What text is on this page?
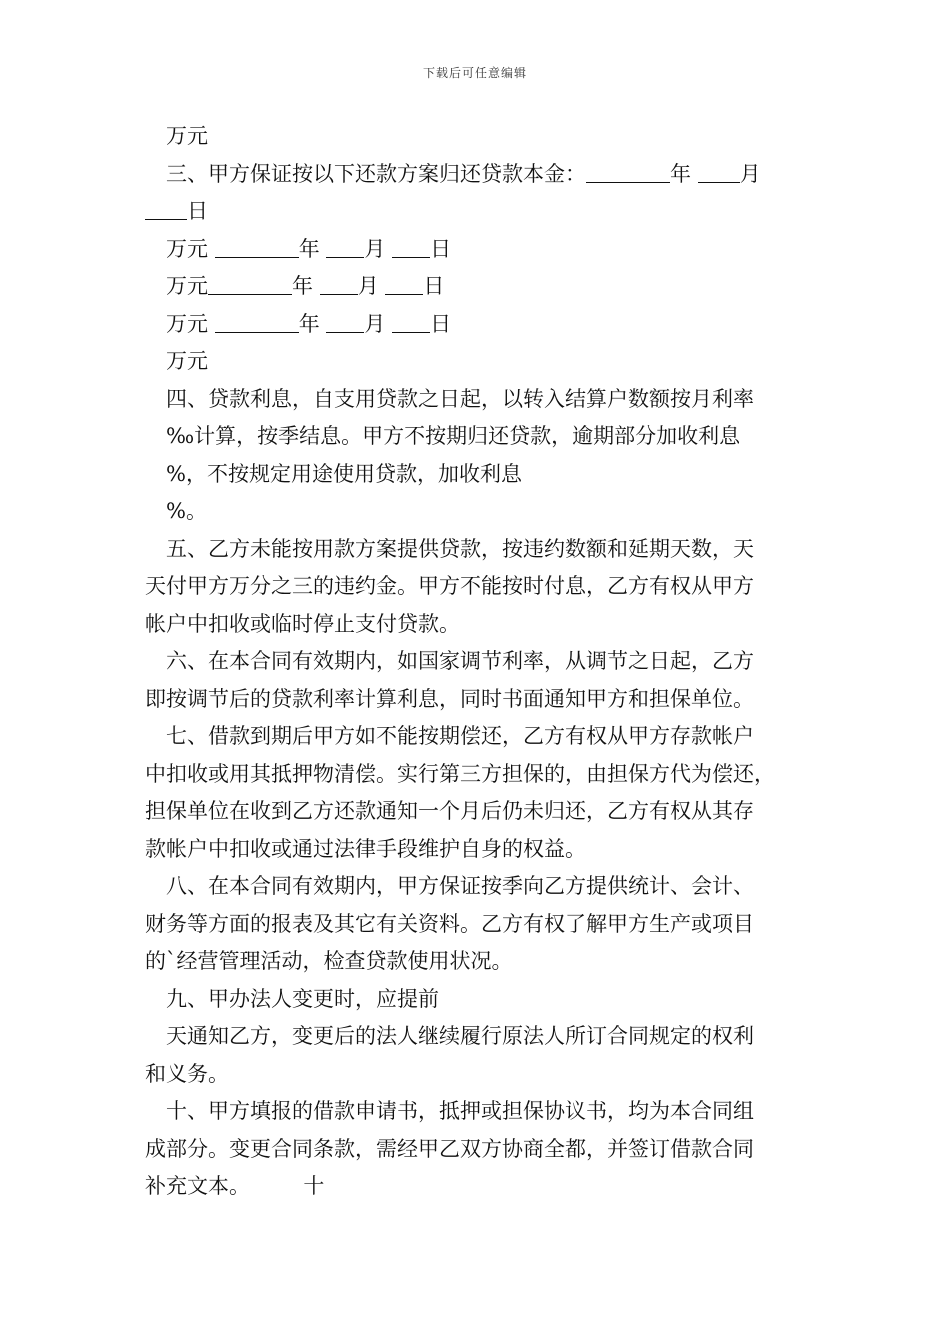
下载后可任意编辑
万元
三、甲方保证按以下还款方案归还贷款本金：	年 月
日
万元	年 月 日
万元	年 月 日
万元	年 月 日
万元
四、贷款利息，自支用贷款之日起，以转入结算户数额按月利率
‰计算，按季结息。甲方不按期归还贷款，逾期部分加收利息
%，不按规定用途使用贷款，加收利息
%。
五、乙方未能按用款方案提供贷款，按违约数额和延期天数，天
天付甲方万分之三的违约金。甲方不能按时付息，乙方有权从甲方
帐户中扣收或临时停止支付贷款。
六、在本合同有效期内，如国家调节利率，从调节之日起，乙方
即按调节后的贷款利率计算利息，同时书面通知甲方和担保单位。
七、借款到期后甲方如不能按期偿还，乙方有权从甲方存款帐户
中扣收或用其抵押物清偿。实行第三方担保的，由担保方代为偿还，
担保单位在收到乙方还款通知一个月后仍未归还，乙方有权从其存
款帐户中扣收或通过法律手段维护自身的权益。
八、在本合同有效期内，甲方保证按季向乙方提供统计、会计、
财务等方面的报表及其它有关资料。乙方有权了解甲方生产或项目
的`经营管理活动，检查贷款使用状况。
九、甲办法人变更时，应提前
天通知乙方，变更后的法人继续履行原法人所订合同规定的权利
和义务。
十、甲方填报的借款申请书，抵押或担保协议书，均为本合同组
成部分。变更合同条款，需经甲乙双方协商全都，并签订借款合同
补充文本。	十
